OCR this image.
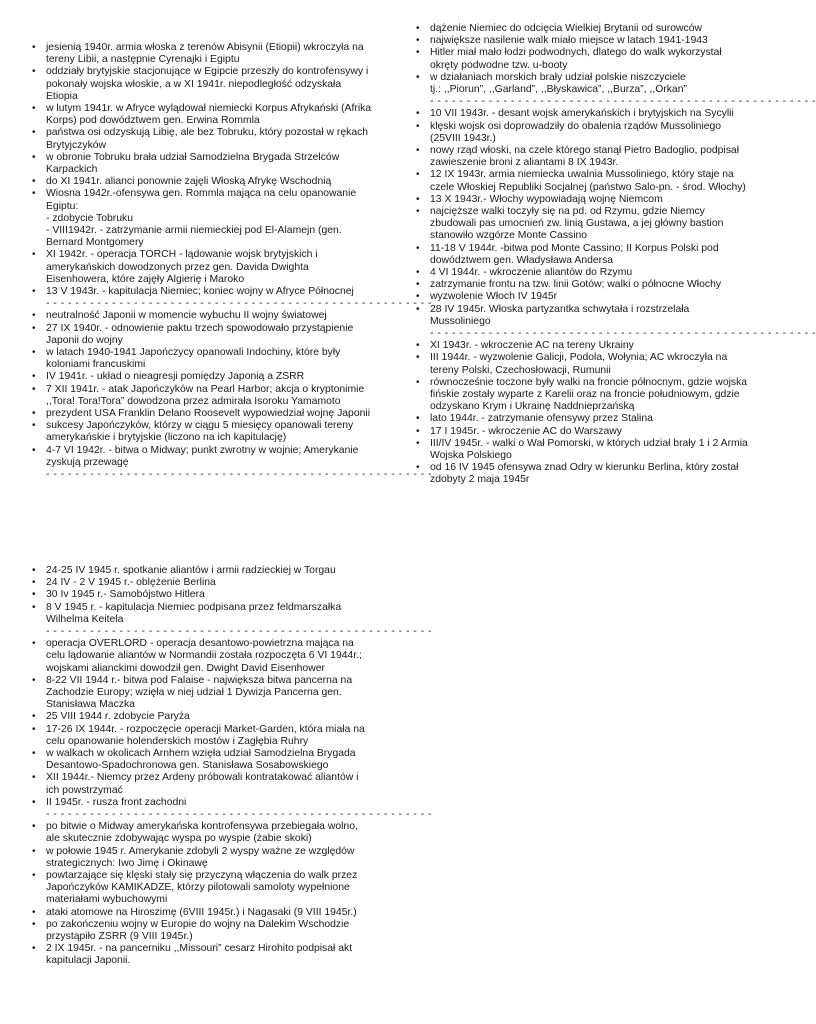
• jesienią 1940r. armia włoska z terenów Abisynii (Etiopii) wkroczyła na tereny Libii, a następnie Cyrenajki i Egiptu
• oddziały brytyjskie stacjonujące w Egipcie przeszły do kontrofensywy i pokonały wojska włoskie, a w XI 1941r. niepodległość odzyskała Etiopia
• w lutym 1941r. w Afryce wylądował niemiecki Korpus Afrykański (Afrika Korps) pod dowództwem gen. Erwina Rommla
• państwa osi odzyskują Libię, ale bez Tobruku, który pozostał w rękach Brytyjczyków
• w obronie Tobruku brała udział Samodzielna Brygada Strzelców Karpackich
• do XI 1941r. alianci ponownie zajęli Włoską Afrykę Wschodnią
• Wiosna 1942r.-ofensywa gen. Rommla mająca na celu opanowanie Egiptu:
- zdobycie Tobruku
- VIII1942r. - zatrzymanie armii niemieckiej pod El-Alamejn (gen. Bernard Montgomery
• XI 1942r. - operacja TORCH - lądowanie wojsk brytyjskich i amerykańskich dowodzonych przez gen. Davida Dwighta Eisenhowera, które zajęły Algierię i Maroko
• 13 V 1943r. - kapitulacja Niemiec; koniec wojny w Afryce Północnej
- - - - - - - - - - - - - - - - - - - - - - - - - - - - - - - - - - - - - - - - - - - - - - - - - - - - -
• neutralność Japonii w momencie wybuchu II wojny światowej
• 27 IX 1940r. - odnowienie paktu trzech spowodowało przystąpienie Japonii do wojny
• w latach 1940-1941 Japończycy opanowali Indochiny, które były koloniami francuskimi
• IV 1941r. - układ o nieagresji pomiędzy Japonią a ZSRR
• 7 XII 1941r. - atak Japończyków na Pearl Harbor; akcja o kryptonimie ,,Tora! Tora!Tora” dowodzona przez admirała Isoroku Yamamoto
• prezydent USA Franklin Delano Roosevelt wypowiedział wojnę Japonii
• sukcesy Japończyków, którzy w ciągu 5 miesięcy opanowali tereny amerykańskie i brytyjskie (liczono na ich kapitulację)
• 4-7 VI 1942r. - bitwa o Midway; punkt zwrotny w wojnie; Amerykanie zyskują przewagę
- - - - - - - - - - - - - - - - - - - - - - - - - - - - - - - - - - - - - - - - - - - - - - - - - - - - -
• dążenie Niemiec do odcięcia Wielkiej Brytanii od surowców
• największe nasilenie walk miało miejsce w latach 1941-1943
• Hitler miał mało łodzi podwodnych, dlatego do walk wykorzystał okręty podwodne tzw. u-booty
• w działaniach morskich brały udział polskie niszczyciele
tj.: ,,Piorun”, ,,Garland”, ,,Błyskawica”, ,,Burza”, ,,Orkan”
- - - - - - - - - - - - - - - - - - - - - - - - - - - - - - - - - - - - - - - - - - - - - - - - - - - - -
• 10 VII 1943r. - desant wojsk amerykańskich i brytyjskich na Sycylii
• klęski wojsk osi doprowadziły do obalenia rządów Mussoliniego (25VIII 1943r.)
• nowy rząd włoski, na czele którego stanął Pietro Badoglio, podpisał zawieszenie broni z aliantami 8 IX 1943r.
• 12 IX 1943r. armia niemiecka uwalnia Mussoliniego, który staje na czele Włoskiej Republiki Socjalnej (państwo Salo-pn. - środ. Włochy)
• 13 X 1943r.- Włochy wypowiadają wojnę Niemcom
• najcięższe walki toczyły się na pd. od Rzymu, gdzie Niemcy zbudowali pas umocnień zw. linią Gustawa, a jej główny bastion stanowiło wzgórze Monte Cassino
• 11-18 V 1944r. -bitwa pod Monte Cassino; II Korpus Polski pod dowództwem gen. Władysława Andersa
• 4 VI 1944r. - wkroczenie aliantów do Rzymu
• zatrzymanie frontu na tzw. linii Gotów; walki o północne Włochy
• wyzwolenie Włoch IV 1945r
• 28 IV 1945r. Włoska partyzantka schwytała i rozstrzelała Mussoliniego
- - - - - - - - - - - - - - - - - - - - - - - - - - - - - - - - - - - - - - - - - - - - - - - - - - - - -
• XI 1943r. - wkroczenie AC na tereny Ukrainy
• III 1944r. - wyzwolenie Galicji, Podola, Wołynia; AC wkroczyła na tereny Polski, Czechosłowacji, Rumunii
• równocześnie toczone były walki na froncie północnym, gdzie wojska fińskie zostały wyparte z Karelii oraz na froncie południowym, gdzie odzyskano Krym i Ukrainę Naddnieprzańską
• lato 1944r. - zatrzymanie ofensywy przez Stalina
• 17 I 1945r. - wkroczenie AC do Warszawy
• III/IV 1945r. - walki o Wał Pomorski, w których udział brały 1 i 2 Armia Wojska Polskiego
• od 16 IV 1945 ofensywa znad Odry w kierunku Berlina, który został zdobyty 2 maja 1945r
• 24-25 IV 1945 r. spotkanie aliantów i armii radzieckiej w Torgau
• 24 IV - 2 V 1945 r.- oblężenie Berlina
• 30 Iv 1945 r.- Samobójstwo Hitlera
• 8 V 1945 r. - kapitulacja Niemiec podpisana przez feldmarszałka Wilhelma Keitela
- - - - - - - - - - - - - - - - - - - - - - - - - - - - - - - - - - - - - - - - - - - - - - - - - - - - -
• operacja OVERLORD - operacja desantowo-powietrzna mająca na celu lądowanie aliantów w Normandii została rozpoczęta 6 VI 1944r.; wojskami alianckimi dowodził gen. Dwight David Eisenhower
• 8-22 VII 1944 r.- bitwa pod Falaise - największa bitwa pancerna na Zachodzie Europy; wzięła w niej udział 1 Dywizja Pancerna gen. Stanisława Maczka
• 25 VIII 1944 r. zdobycie Paryża
• 17-26 IX 1944r. - rozpoczęcie operacji Market-Garden, która miała na celu opanowanie holenderskich mostów i Zagłębia Ruhry
• w walkach w okolicach Arnhem wzięła udział Samodzielna Brygada Desantowo-Spadochronowa gen. Stanisława Sosabowskiego
• XII 1944r.- Niemcy przez Ardeny próbowali kontratakować aliantów i ich powstrzymać
• II 1945r. - rusza front zachodni
- - - - - - - - - - - - - - - - - - - - - - - - - - - - - - - - - - - - - - - - - - - - - - - - - - - - -
• po bitwie o Midway amerykańska kontrofensywa przebiegała wolno, ale skutecznie zdobywając wyspa po wyspie (żabie skoki)
• w połowie 1945 r. Amerykanie zdobyli 2 wyspy ważne ze względów strategicznych: Iwo Jimę i Okinawę
• powtarzające się klęski stały się przyczyną włączenia do walk przez Japończyków KAMIKADZE, którzy pilotowali samoloty wypełnione materiałami wybuchowymi
• ataki atomowe na Hiroszimę (6VIII 1945r.) i Nagasaki (9 VIII 1945r.)
• po zakończeniu wojny w Europie do wojny na Dalekim Wschodzie przystąpiło ZSRR (9 VIII 1945r.)
• 2 IX 1945r. - na pancerniku ,,Missouri” cesarz Hirohito podpisał akt kapitulacji Japonii.
